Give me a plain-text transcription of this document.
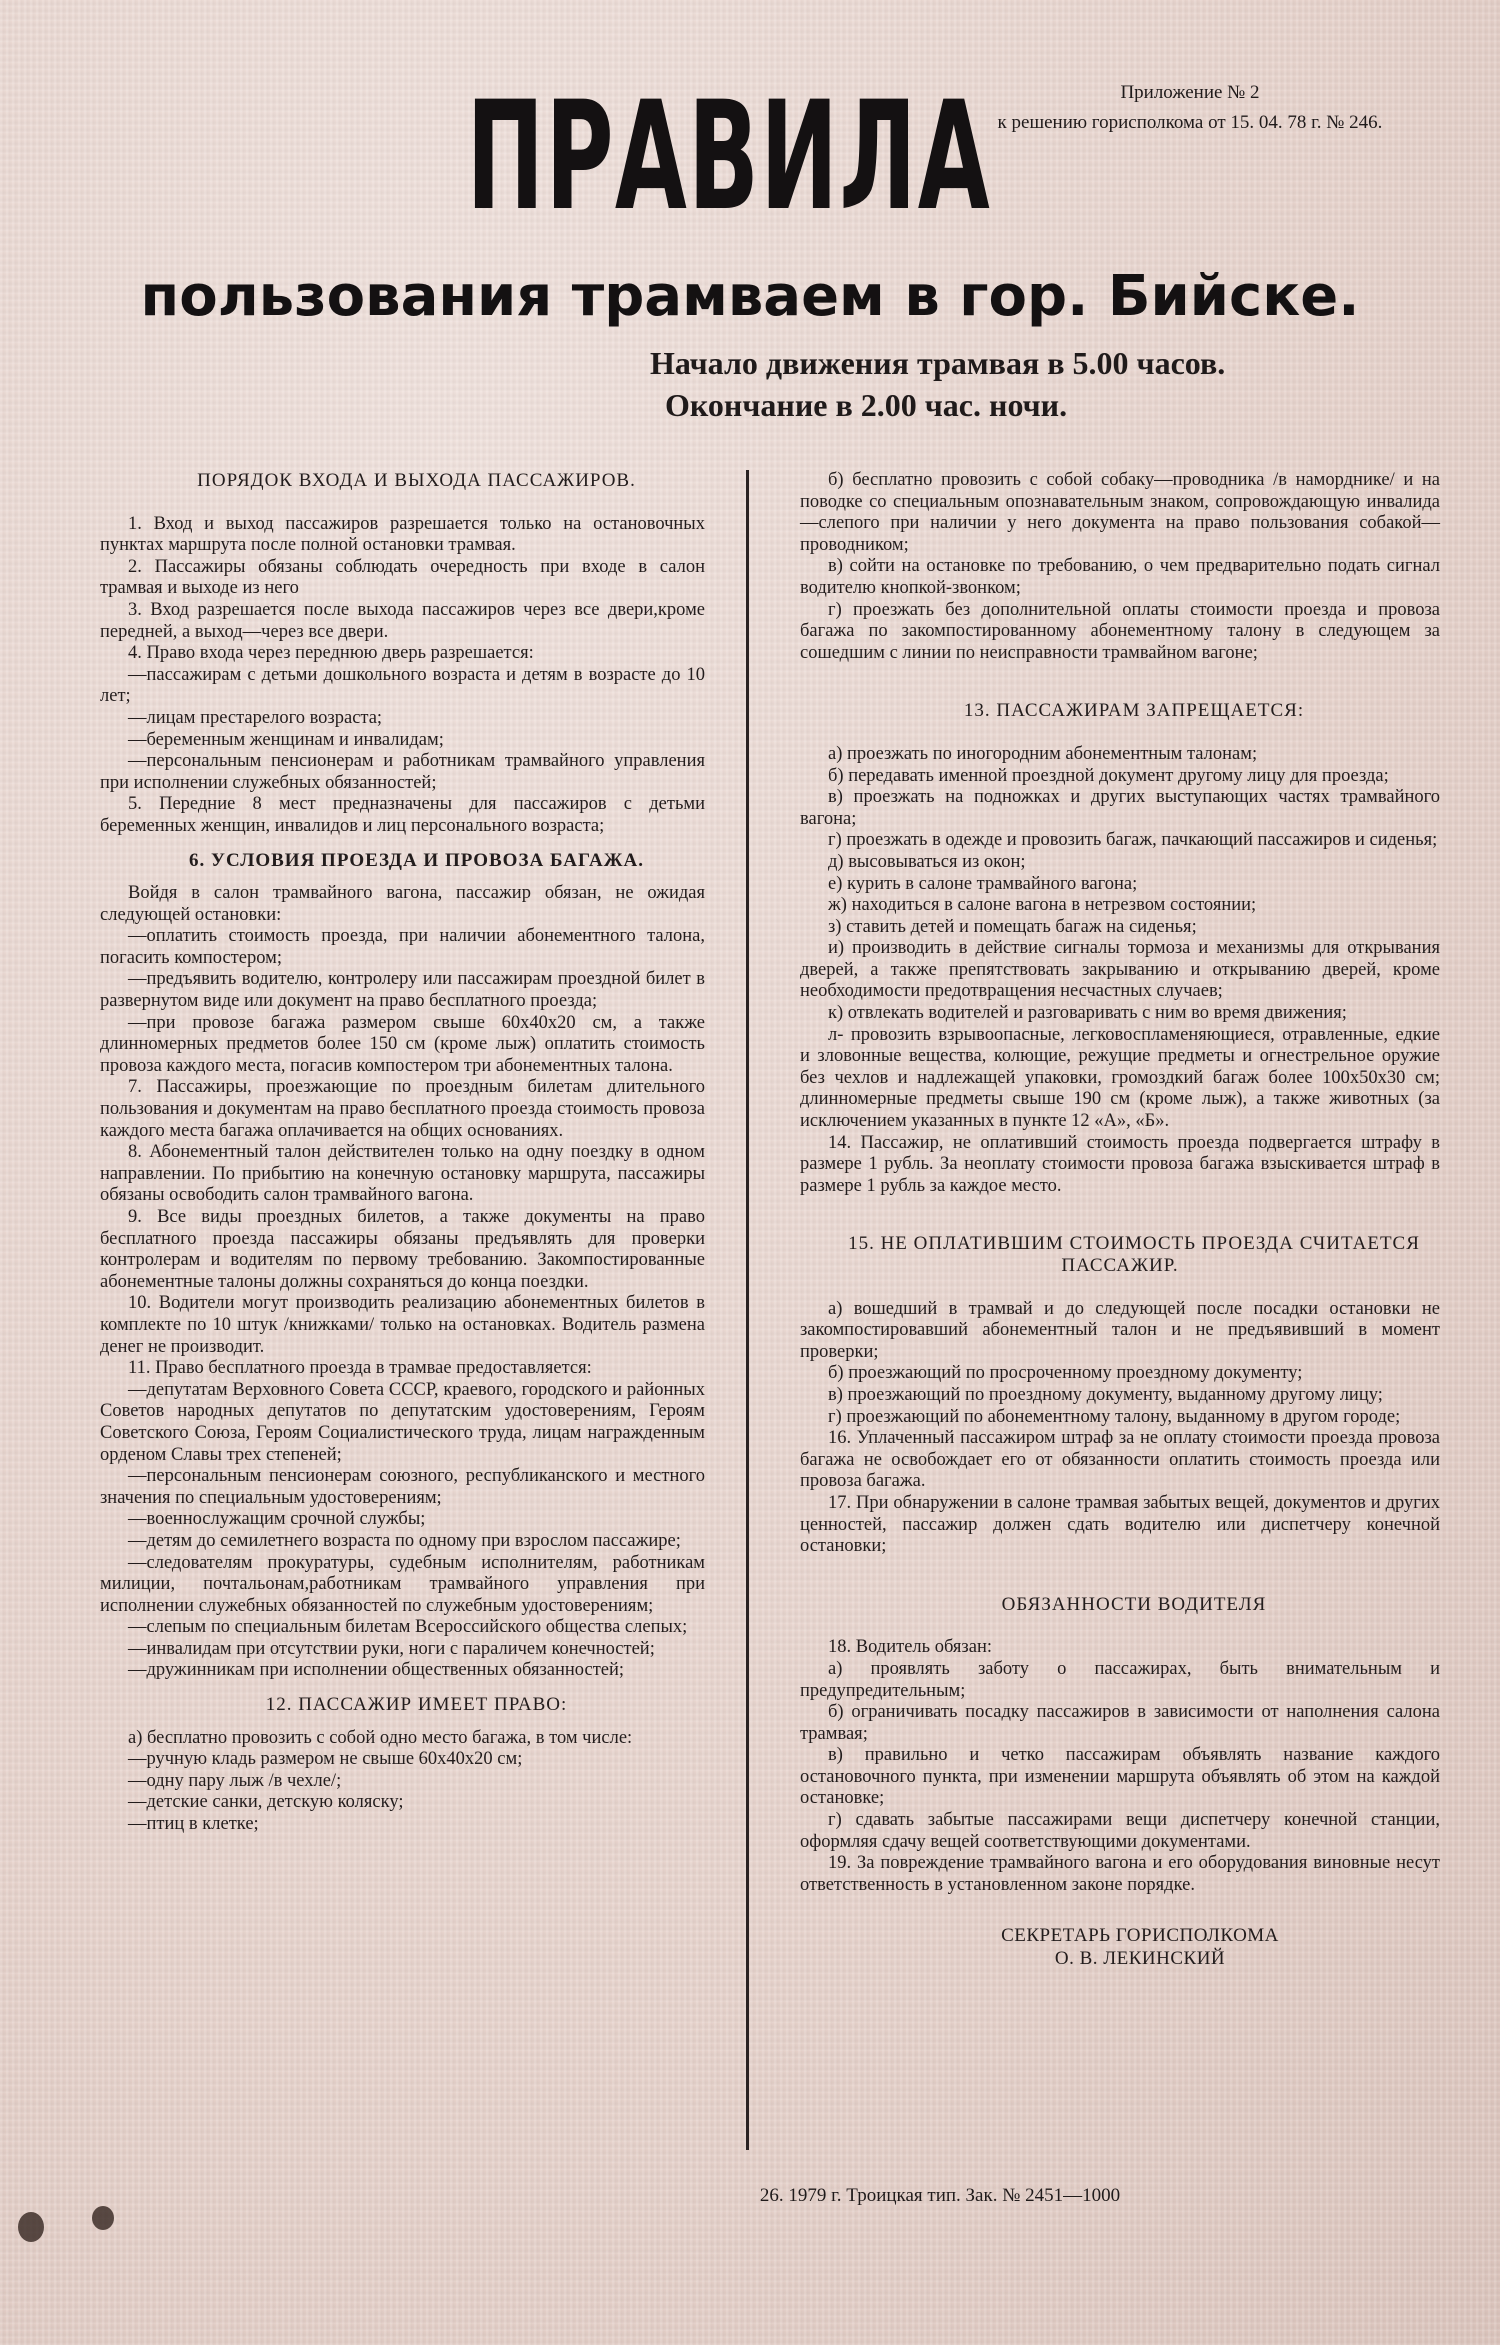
Приложение № 2
к решению горисполкома от 15. 04. 78 г. № 246.
ПРАВИЛА
пользования трамваем в гор. Бийске.
Начало движения трамвая в 5.00 часов.
Окончание в 2.00 час. ночи.

ПОРЯДОК ВХОДА И ВЫХОДА ПАССАЖИРОВ.

1. Вход и выход пассажиров разрешается только на остановочных пунктах маршрута после полной остановки трамвая.

2. Пассажиры обязаны соблюдать очередность при входе в салон трамвая и выходе из него

3. Вход разрешается после выхода пассажиров через все двери,кроме передней, а выход—через все двери.

4. Право входа через переднюю дверь разрешается:

—пассажирам с детьми дошкольного возраста и детям в возрасте до 10 лет;

—лицам престарелого возраста;

—беременным женщинам и инвалидам;

—персональным пенсионерам и работникам трамвайного управления при исполнении служебных обязанностей;

5. Передние 8 мест предназначены для пассажиров с детьми беременных женщин, инвалидов и лиц персонального возраста;

6. УСЛОВИЯ ПРОЕЗДА И ПРОВОЗА БАГАЖА.

Войдя в салон трамвайного вагона, пассажир обязан, не ожидая следующей остановки:

—оплатить стоимость проезда, при наличии абонементного талона, погасить компостером;

—предъявить водителю, контролеру или пассажирам проездной билет в развернутом виде или документ на право бесплатного проезда;

—при провозе багажа размером свыше 60х40х20 см, а также длинномерных предметов более 150 см (кроме лыж) оплатить стоимость провоза каждого места, погасив компостером три абонементных талона.

7. Пассажиры, проезжающие по проездным билетам длительного пользования и документам на право бесплатного проезда стоимость провоза каждого места багажа оплачивается на общих основаниях.

8. Абонементный талон действителен только на одну поездку в одном направлении. По прибытию на конечную остановку маршрута, пассажиры обязаны освободить салон трамвайного вагона.

9. Все виды проездных билетов, а также документы на право бесплатного проезда пассажиры обязаны предъявлять для проверки контролерам и водителям по первому требованию. Закомпостированные абонементные талоны должны сохраняться до конца поездки.

10. Водители могут производить реализацию абонементных билетов в комплекте по 10 штук /книжками/ только на остановках. Водитель размена денег не производит.

11. Право бесплатного проезда в трамвае предоставляется:

—депутатам Верховного Совета СССР, краевого, городского и районных Советов народных депутатов по депутатским удостоверениям, Героям Советского Союза, Героям Социалистического труда, лицам награжденным орденом Славы трех степеней;

—персональным пенсионерам союзного, республиканского и местного значения по специальным удостоверениям;

—военнослужащим срочной службы;

—детям до семилетнего возраста по одному при взрослом пассажире;

—следователям прокуратуры, судебным исполнителям, работникам милиции, почтальонам,работникам трамвайного управления при исполнении служебных обязанностей по служебным удостоверениям;

—слепым по специальным билетам Всероссийского общества слепых;

—инвалидам при отсутствии руки, ноги с параличем конечностей;

—дружинникам при исполнении общественных обязанностей;

12. ПАССАЖИР ИМЕЕТ ПРАВО:

а) бесплатно провозить с собой одно место багажа, в том числе:

—ручную кладь размером не свыше 60х40х20 см;

—одну пару лыж /в чехле/;

—детские санки, детскую коляску;

—птиц в клетке;

б) бесплатно провозить с собой собаку—проводника /в наморднике/ и на поводке со специальным опознавательным знаком, сопровождающую инвалида—слепого при наличии у него документа на право пользования собакой—проводником;

в) сойти на остановке по требованию, о чем предварительно подать сигнал водителю кнопкой-звонком;

г) проезжать без дополнительной оплаты стоимости проезда и провоза багажа по закомпостированному абонементному талону в следующем за сошедшим с линии по неисправности трамвайном вагоне;

13. ПАССАЖИРАМ ЗАПРЕЩАЕТСЯ:

а) проезжать по иногородним абонементным талонам;

б) передавать именной проездной документ другому лицу для проезда;

в) проезжать на подножках и других выступающих частях трамвайного вагона;

г) проезжать в одежде и провозить багаж, пачкающий пассажиров и сиденья;

д) высовываться из окон;

е) курить в салоне трамвайного вагона;

ж) находиться в салоне вагона в нетрезвом состоянии;

з) ставить детей и помещать багаж на сиденья;

и) производить в действие сигналы тормоза и механизмы для открывания дверей, а также препятствовать закрыванию и открыванию дверей, кроме необходимости предотвращения несчастных случаев;

к) отвлекать водителей и разговаривать с ним во время движения;

л- провозить взрывоопасные, легковоспламеняющиеся, отравленные, едкие и зловонные вещества, колющие, режущие предметы и огнестрельное оружие без чехлов и надлежащей упаковки, громоздкий багаж более 100х50х30 см; длинномерные предметы свыше 190 см (кроме лыж), а также животных (за исключением указанных в пункте 12 «А», «Б».

14. Пассажир, не оплативший стоимость проезда подвергается штрафу в размере 1 рубль. За неоплату стоимости провоза багажа взыскивается штраф в размере 1 рубль за каждое место.

15. НЕ ОПЛАТИВШИМ СТОИМОСТЬ ПРОЕЗДА СЧИТАЕТСЯ ПАССАЖИР.

а) вошедший в трамвай и до следующей после посадки остановки не закомпостировавший абонементный талон и не предъявивший в момент проверки;

б) проезжающий по просроченному проездному документу;

в) проезжающий по проездному документу, выданному другому лицу;

г) проезжающий по абонементному талону, выданному в другом городе;

16. Уплаченный пассажиром штраф за не оплату стоимости проезда провоза багажа не освобождает его от обязанности оплатить стоимость проезда или провоза багажа.

17. При обнаружении в салоне трамвая забытых вещей, документов и других ценностей, пассажир должен сдать водителю или диспетчеру конечной остановки;

ОБЯЗАННОСТИ ВОДИТЕЛЯ

18. Водитель обязан:

а) проявлять заботу о пассажирах, быть внимательным и предупредительным;

б) ограничивать посадку пассажиров в зависимости от наполнения салона трамвая;

в) правильно и четко пассажирам объявлять название каждого остановочного пункта, при изменении маршрута объявлять об этом на каждой остановке;

г) сдавать забытые пассажирами вещи диспетчеру конечной станции, оформляя сдачу вещей соответствующими документами.

19. За повреждение трамвайного вагона и его оборудования виновные несут ответственность в установленном законе порядке.

СЕКРЕТАРЬ ГОРИСПОЛКОМА
О. В. ЛЕКИНСКИЙ
26. 1979 г. Троицкая тип. Зак. № 2451—1000
